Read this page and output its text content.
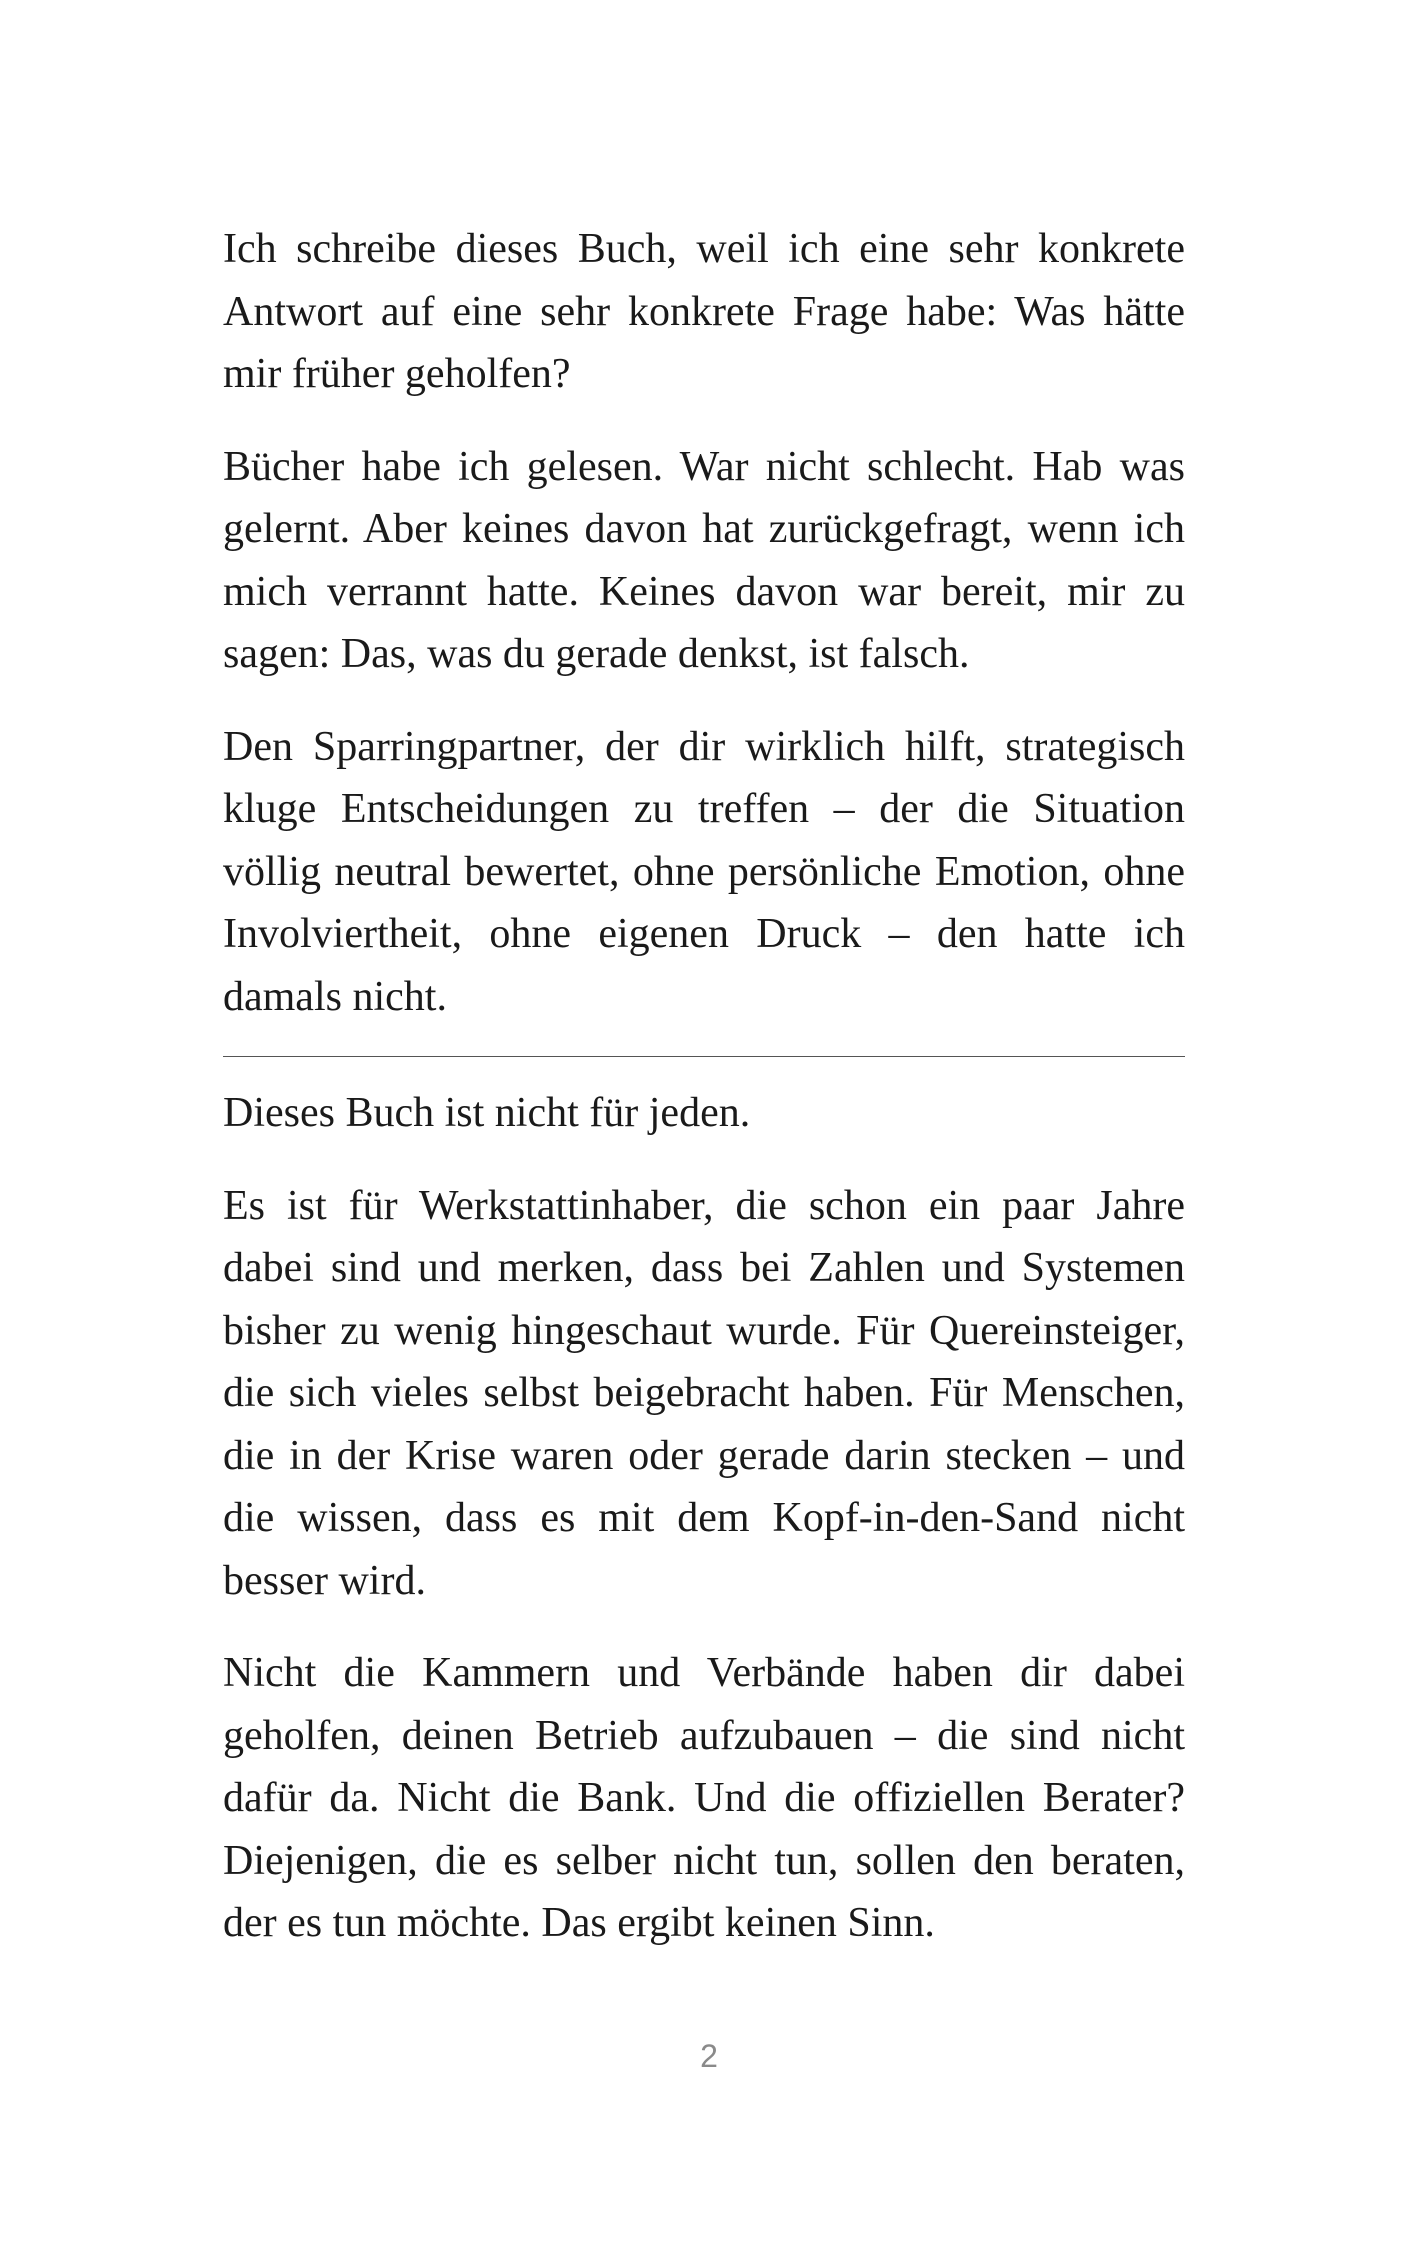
Ich schreibe dieses Buch, weil ich eine sehr konkrete Antwort auf eine sehr konkrete Frage habe: Was hätte mir früher geholfen?

Bücher habe ich gelesen. War nicht schlecht. Hab was gelernt. Aber keines davon hat zurückgefragt, wenn ich mich verrannt hatte. Keines davon war bereit, mir zu sagen: Das, was du gerade denkst, ist falsch.

Den Sparringpartner, der dir wirklich hilft, strategisch kluge Entscheidungen zu treffen – der die Situation völlig neutral bewertet, ohne persönliche Emotion, ohne Involviertheit, ohne eigenen Druck – den hatte ich damals nicht.

Dieses Buch ist nicht für jeden.

Es ist für Werkstattinhaber, die schon ein paar Jahre dabei sind und merken, dass bei Zahlen und Systemen bisher zu wenig hingeschaut wurde. Für Quereinsteiger, die sich vieles selbst beigebracht haben. Für Menschen, die in der Krise waren oder gerade darin stecken – und die wissen, dass es mit dem Kopf-in-den-Sand nicht besser wird.

Nicht die Kammern und Verbände haben dir dabei geholfen, deinen Betrieb aufzubauen – die sind nicht dafür da. Nicht die Bank. Und die offiziellen Berater? Diejenigen, die es selber nicht tun, sollen den beraten, der es tun möchte. Das ergibt keinen Sinn.

2
